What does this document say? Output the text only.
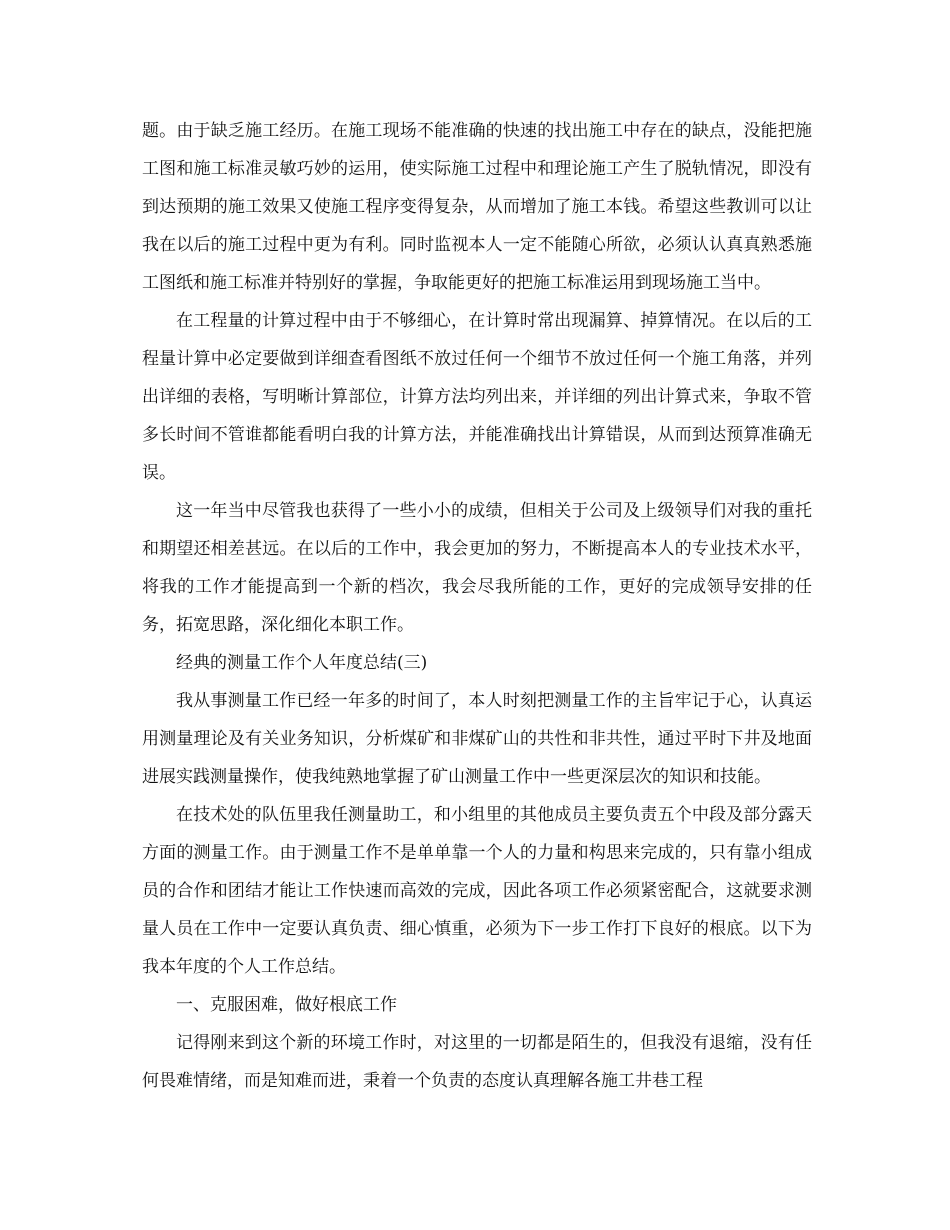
题。由于缺乏施工经历。在施工现场不能准确的快速的找出施工中存在的缺点，没能把施工图和施工标准灵敏巧妙的运用，使实际施工过程中和理论施工产生了脱轨情况，即没有到达预期的施工效果又使施工程序变得复杂，从而增加了施工本钱。希望这些教训可以让我在以后的施工过程中更为有利。同时监视本人一定不能随心所欲，必须认认真真熟悉施工图纸和施工标准并特别好的掌握，争取能更好的把施工标准运用到现场施工当中。

在工程量的计算过程中由于不够细心，在计算时常出现漏算、掉算情况。在以后的工程量计算中必定要做到详细查看图纸不放过任何一个细节不放过任何一个施工角落，并列出详细的表格，写明晰计算部位，计算方法均列出来，并详细的列出计算式来，争取不管多长时间不管谁都能看明白我的计算方法，并能准确找出计算错误，从而到达预算准确无误。

这一年当中尽管我也获得了一些小小的成绩，但相关于公司及上级领导们对我的重托和期望还相差甚远。在以后的工作中，我会更加的努力，不断提高本人的专业技术水平，将我的工作才能提高到一个新的档次，我会尽我所能的工作，更好的完成领导安排的任务，拓宽思路，深化细化本职工作。

经典的测量工作个人年度总结(三)

我从事测量工作已经一年多的时间了，本人时刻把测量工作的主旨牢记于心，认真运用测量理论及有关业务知识，分析煤矿和非煤矿山的共性和非共性，通过平时下井及地面进展实践测量操作，使我纯熟地掌握了矿山测量工作中一些更深层次的知识和技能。

在技术处的队伍里我任测量助工，和小组里的其他成员主要负责五个中段及部分露天方面的测量工作。由于测量工作不是单单靠一个人的力量和构思来完成的，只有靠小组成员的合作和团结才能让工作快速而高效的完成，因此各项工作必须紧密配合，这就要求测量人员在工作中一定要认真负责、细心慎重，必须为下一步工作打下良好的根底。以下为我本年度的个人工作总结。

一、克服困难，做好根底工作

记得刚来到这个新的环境工作时，对这里的一切都是陌生的，但我没有退缩，没有任何畏难情绪，而是知难而进，秉着一个负责的态度认真理解各施工井巷工程
